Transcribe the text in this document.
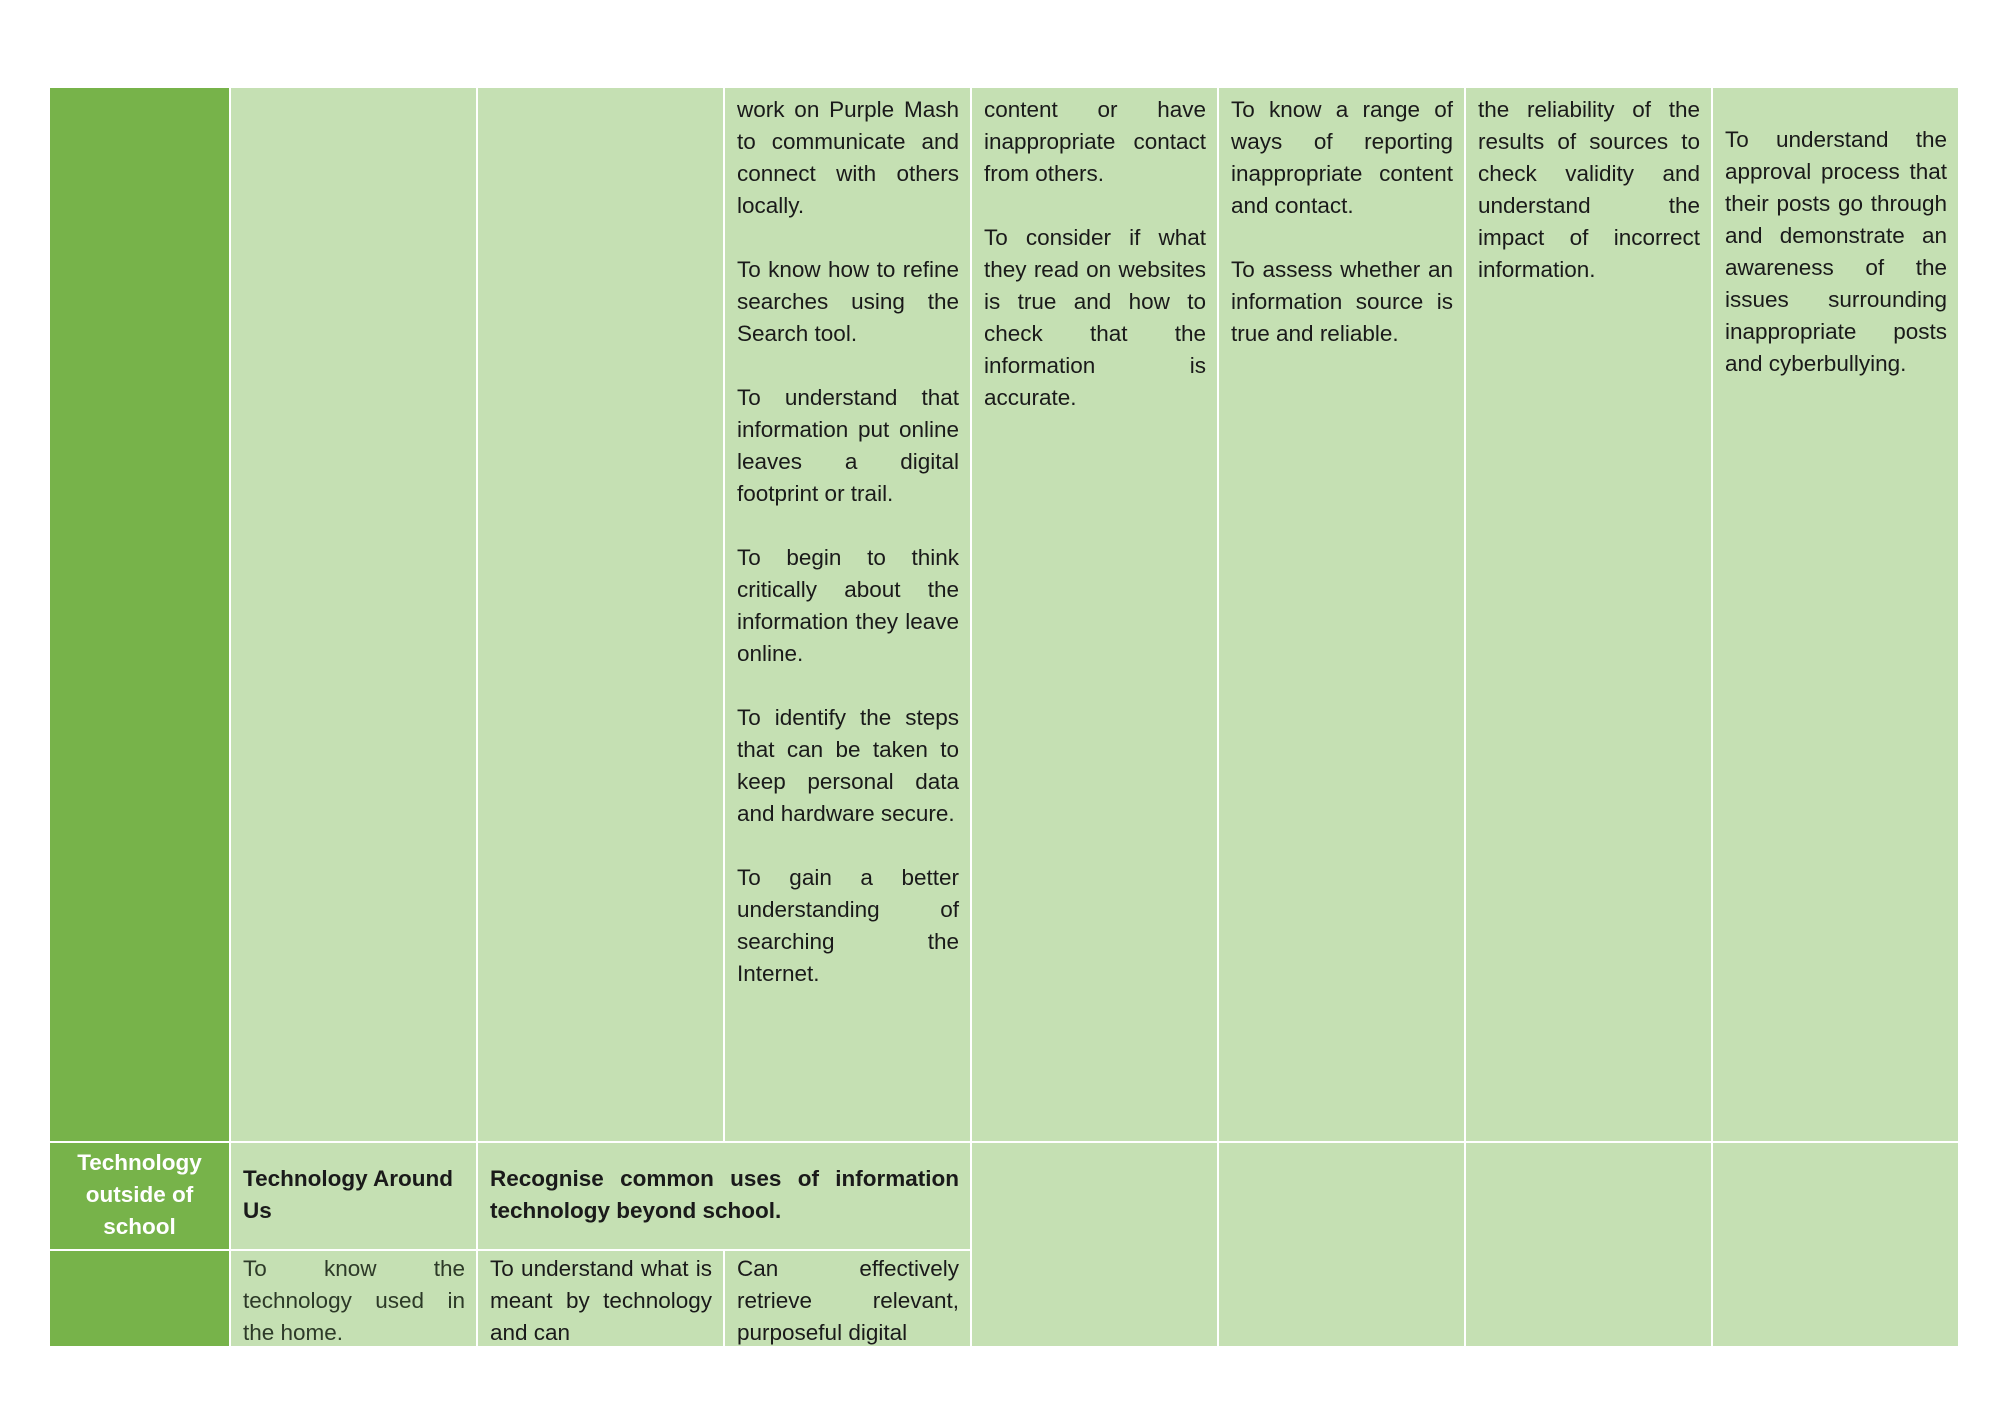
work on Purple Mash to communicate and connect with others locally.

To know how to refine searches using the Search tool.

To understand that information put online leaves a digital footprint or trail.

To begin to think critically about the information they leave online.

To identify the steps that can be taken to keep personal data and hardware secure.

To gain a better understanding of searching the Internet.

content or have inappropriate contact from others.

To consider if what they read on websites is true and how to check that the information is accurate.

To know a range of ways of reporting inappropriate content and contact.

To assess whether an information source is true and reliable.

the reliability of the results of sources to check validity and understand the impact of incorrect information.

To understand the approval process that their posts go through and demonstrate an awareness of the issues surrounding inappropriate posts and cyberbullying.

Technology outside of school

Technology Around Us

Recognise common uses of information technology beyond school.

To know the technology used in the home.

To understand what is meant by technology and can

Can effectively retrieve relevant, purposeful digital
